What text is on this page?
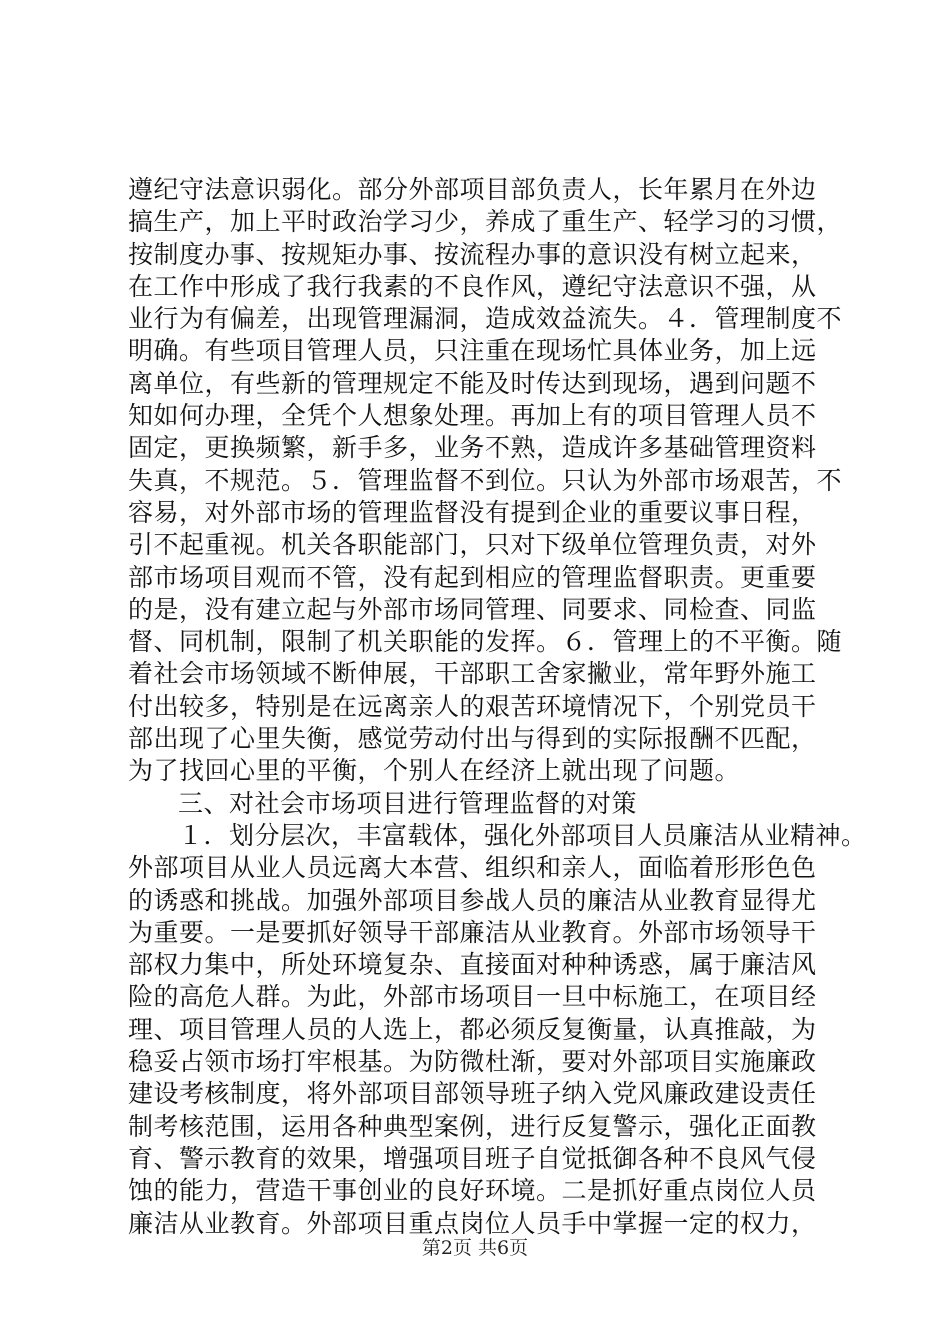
遵纪守法意识弱化。部分外部项目部负责人，长年累月在外边
搞生产，加上平时政治学习少，养成了重生产、轻学习的习惯，
按制度办事、按规矩办事、按流程办事的意识没有树立起来，
在工作中形成了我行我素的不良作风，遵纪守法意识不强，从
业行为有偏差，出现管理漏洞，造成效益流失。４．管理制度不
明确。有些项目管理人员，只注重在现场忙具体业务，加上远
离单位，有些新的管理规定不能及时传达到现场，遇到问题不
知如何办理，全凭个人想象处理。再加上有的项目管理人员不
固定，更换频繁，新手多，业务不熟，造成许多基础管理资料
失真，不规范。５．管理监督不到位。只认为外部市场艰苦，不
容易，对外部市场的管理监督没有提到企业的重要议事日程，
引不起重视。机关各职能部门，只对下级单位管理负责，对外
部市场项目观而不管，没有起到相应的管理监督职责。更重要
的是，没有建立起与外部市场同管理、同要求、同检查、同监
督、同机制，限制了机关职能的发挥。６．管理上的不平衡。随
着社会市场领域不断伸展，干部职工舍家撇业，常年野外施工
付出较多，特别是在远离亲人的艰苦环境情况下，个别党员干
部出现了心里失衡，感觉劳动付出与得到的实际报酬不匹配，
为了找回心里的平衡，个别人在经济上就出现了问题。
三、对社会市场项目进行管理监督的对策
１．划分层次，丰富载体，强化外部项目人员廉洁从业精神。
外部项目从业人员远离大本营、组织和亲人，面临着形形色色
的诱惑和挑战。加强外部项目参战人员的廉洁从业教育显得尤
为重要。一是要抓好领导干部廉洁从业教育。外部市场领导干
部权力集中，所处环境复杂、直接面对种种诱惑，属于廉洁风
险的高危人群。为此，外部市场项目一旦中标施工，在项目经
理、项目管理人员的人选上，都必须反复衡量，认真推敲，为
稳妥占领市场打牢根基。为防微杜渐，要对外部项目实施廉政
建设考核制度，将外部项目部领导班子纳入党风廉政建设责任
制考核范围，运用各种典型案例，进行反复警示，强化正面教
育、警示教育的效果，增强项目班子自觉抵御各种不良风气侵
蚀的能力，营造干事创业的良好环境。二是抓好重点岗位人员
廉洁从业教育。外部项目重点岗位人员手中掌握一定的权力，
第2页 共6页
